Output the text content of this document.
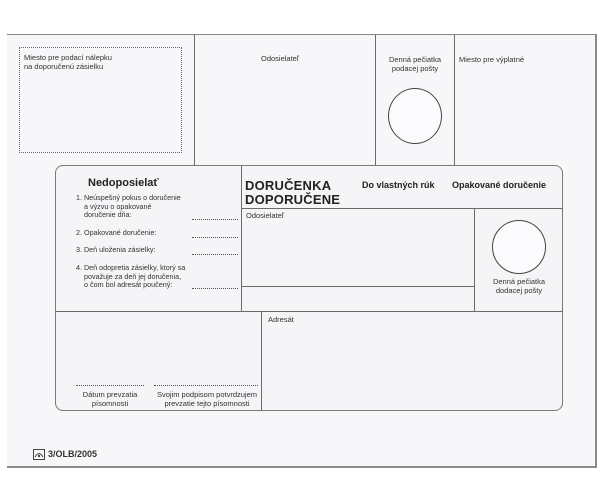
Miesto pre podací nálepku
na doporučenú zásielku
Odosielateľ	Denná pečiatka
podacej pošty
Miesto pre výplatné
Nedoposielať
1. Neúspešný pokus o doručenie
a výzvu o opakované
doručenie dňa:
2. Opakované doručenie:
3. Deň uloženia zásielky:
4. Deň odopretia zásielky, ktorý sa
považuje za deň jej doručenia,
o čom bol adresát poučený:
DORUČENKA
DOPORUČENE
Do vlastných rúk Opakované doručenie
Odosielateľ
Denná pečiatka
dodacej pošty
Adresát
Dátum prevzatia
písomnosti
Svojim podpisom potvrdzujem
prevzatie tejto písomnosti
3/OLB/2005
